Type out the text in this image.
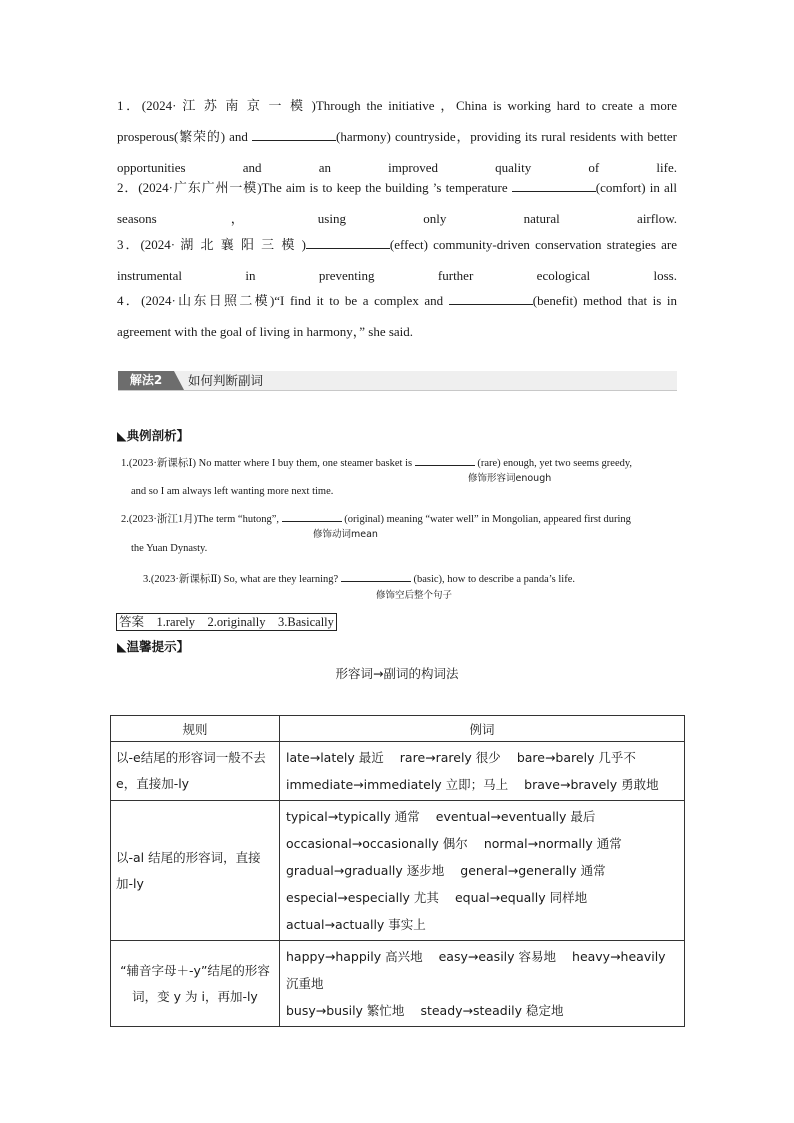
1．(2024· 江 苏 南 京 一 模 )Through the initiative ，China is working hard to create a more prosperous(繁荣的) and	(harmony) countryside，providing its rural residents with better opportunities and an improved quality of life.
2．(2024·广东广州一模)The aim is to keep the building ’s temperature	(comfort) in all seasons，using only natural airflow.
3．(2024· 湖 北 襄 阳 三 模 )	(effect) community-driven conservation strategies are instrumental in preventing further ecological loss.
4．(2024·山东日照二模)“I find it to be a complex and	(benefit) method that is in agreement with the goal of living in harmony，” she said.
解法2	如何判断副词
◣典例剖析】
1.(2023·新课标Ⅰ) No matter where I buy them, one steamer basket is	(rare) enough, yet two seems greedy,
修饰形容词enough
and so I am always left wanting more next time.
2.(2023·浙江1月)The term “hutong”,	(original) meaning “water well” in Mongolian, appeared first during
修饰动词mean
the Yuan Dynasty.
3.(2023·新课标Ⅱ) So, what are they learning?	(basic), how to describe a panda’s life.
修饰空后整个句子
答案　1.rarely　2.originally　3.Basically
◣温馨提示】
形容词→副词的构词法
规则	例词
以-e结尾的形容词一般不去 e，直接加-ly	late→lately 最近 rare→rarely 很少 bare→barely 几乎不
immediate→immediately 立即；马上 brave→bravely 勇敢地
以-al 结尾的形容词，直接加-ly	typical→typically 通常 eventual→eventually 最后
occasional→occasionally 偶尔 normal→normally 通常
gradual→gradually 逐步地 general→generally 通常
especial→especially 尤其 equal→equally 同样地
actual→actually 事实上
“辅音字母＋-y”结尾的形容词，变 y 为 i，再加-ly	happy→happily 高兴地 easy→easily 容易地 heavy→heavily 沉重地
busy→busily 繁忙地 steady→steadily 稳定地
